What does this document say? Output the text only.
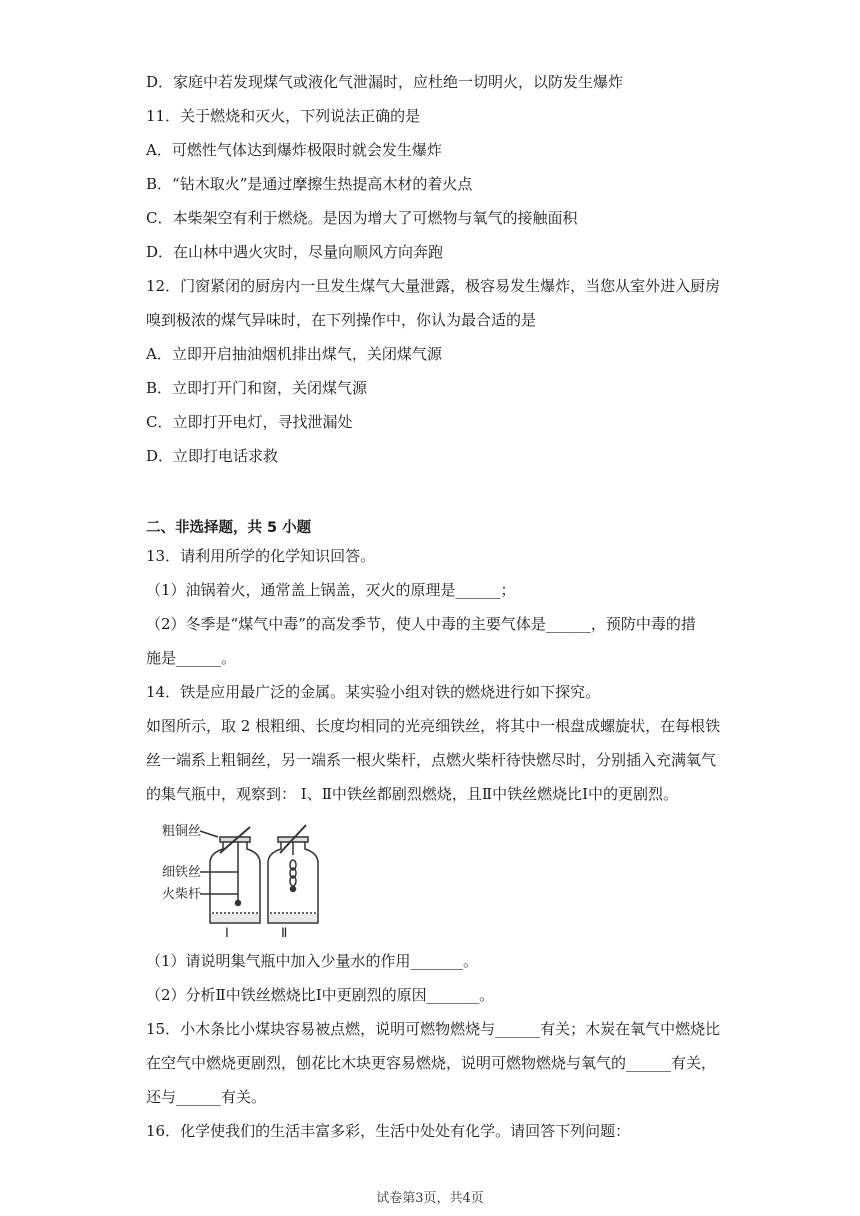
D．家庭中若发现煤气或液化气泄漏时，应杜绝一切明火，以防发生爆炸
11．关于燃烧和灭火，下列说法正确的是
A．可燃性气体达到爆炸极限时就会发生爆炸
B．“钻木取火”是通过摩擦生热提高木材的着火点
C．本柴架空有利于燃烧。是因为增大了可燃物与氧气的接触面积
D．在山林中遇火灾时，尽量向顺风方向奔跑
12．门窗紧闭的厨房内一旦发生煤气大量泄露，极容易发生爆炸，当您从室外进入厨房
嗅到极浓的煤气异味时，在下列操作中，你认为最合适的是
A．立即开启抽油烟机排出煤气，关闭煤气源
B．立即打开门和窗，关闭煤气源
C．立即打开电灯，寻找泄漏处
D．立即打电话求救
二、非选择题，共 5 小题
13．请利用所学的化学知识回答。
（1）油锅着火，通常盖上锅盖，灭火的原理是______；
（2）冬季是“煤气中毒”的高发季节，使人中毒的主要气体是______，预防中毒的措
施是______。
14．铁是应用最广泛的金属。某实验小组对铁的燃烧进行如下探究。
如图所示，取 2 根粗细、长度均相同的光亮细铁丝，将其中一根盘成螺旋状，在每根铁
丝一端系上粗铜丝，另一端系一根火柴杆，点燃火柴杆待快燃尽时，分别插入充满氧气
的集气瓶中，观察到： Ⅰ、Ⅱ中铁丝都剧烈燃烧，且Ⅱ中铁丝燃烧比Ⅰ中的更剧烈。
粗铜丝
细铁丝
火柴杆
Ⅰ	Ⅱ
（1）请说明集气瓶中加入少量水的作用_______。
（2）分析Ⅱ中铁丝燃烧比Ⅰ中更剧烈的原因_______。
15．小木条比小煤块容易被点燃，说明可燃物燃烧与______有关；木炭在氧气中燃烧比
在空气中燃烧更剧烈，刨花比木块更容易燃烧，说明可燃物燃烧与氧气的______有关，
还与______有关。
16．化学使我们的生活丰富多彩，生活中处处有化学。请回答下列问题：
试卷第3页，共4页
